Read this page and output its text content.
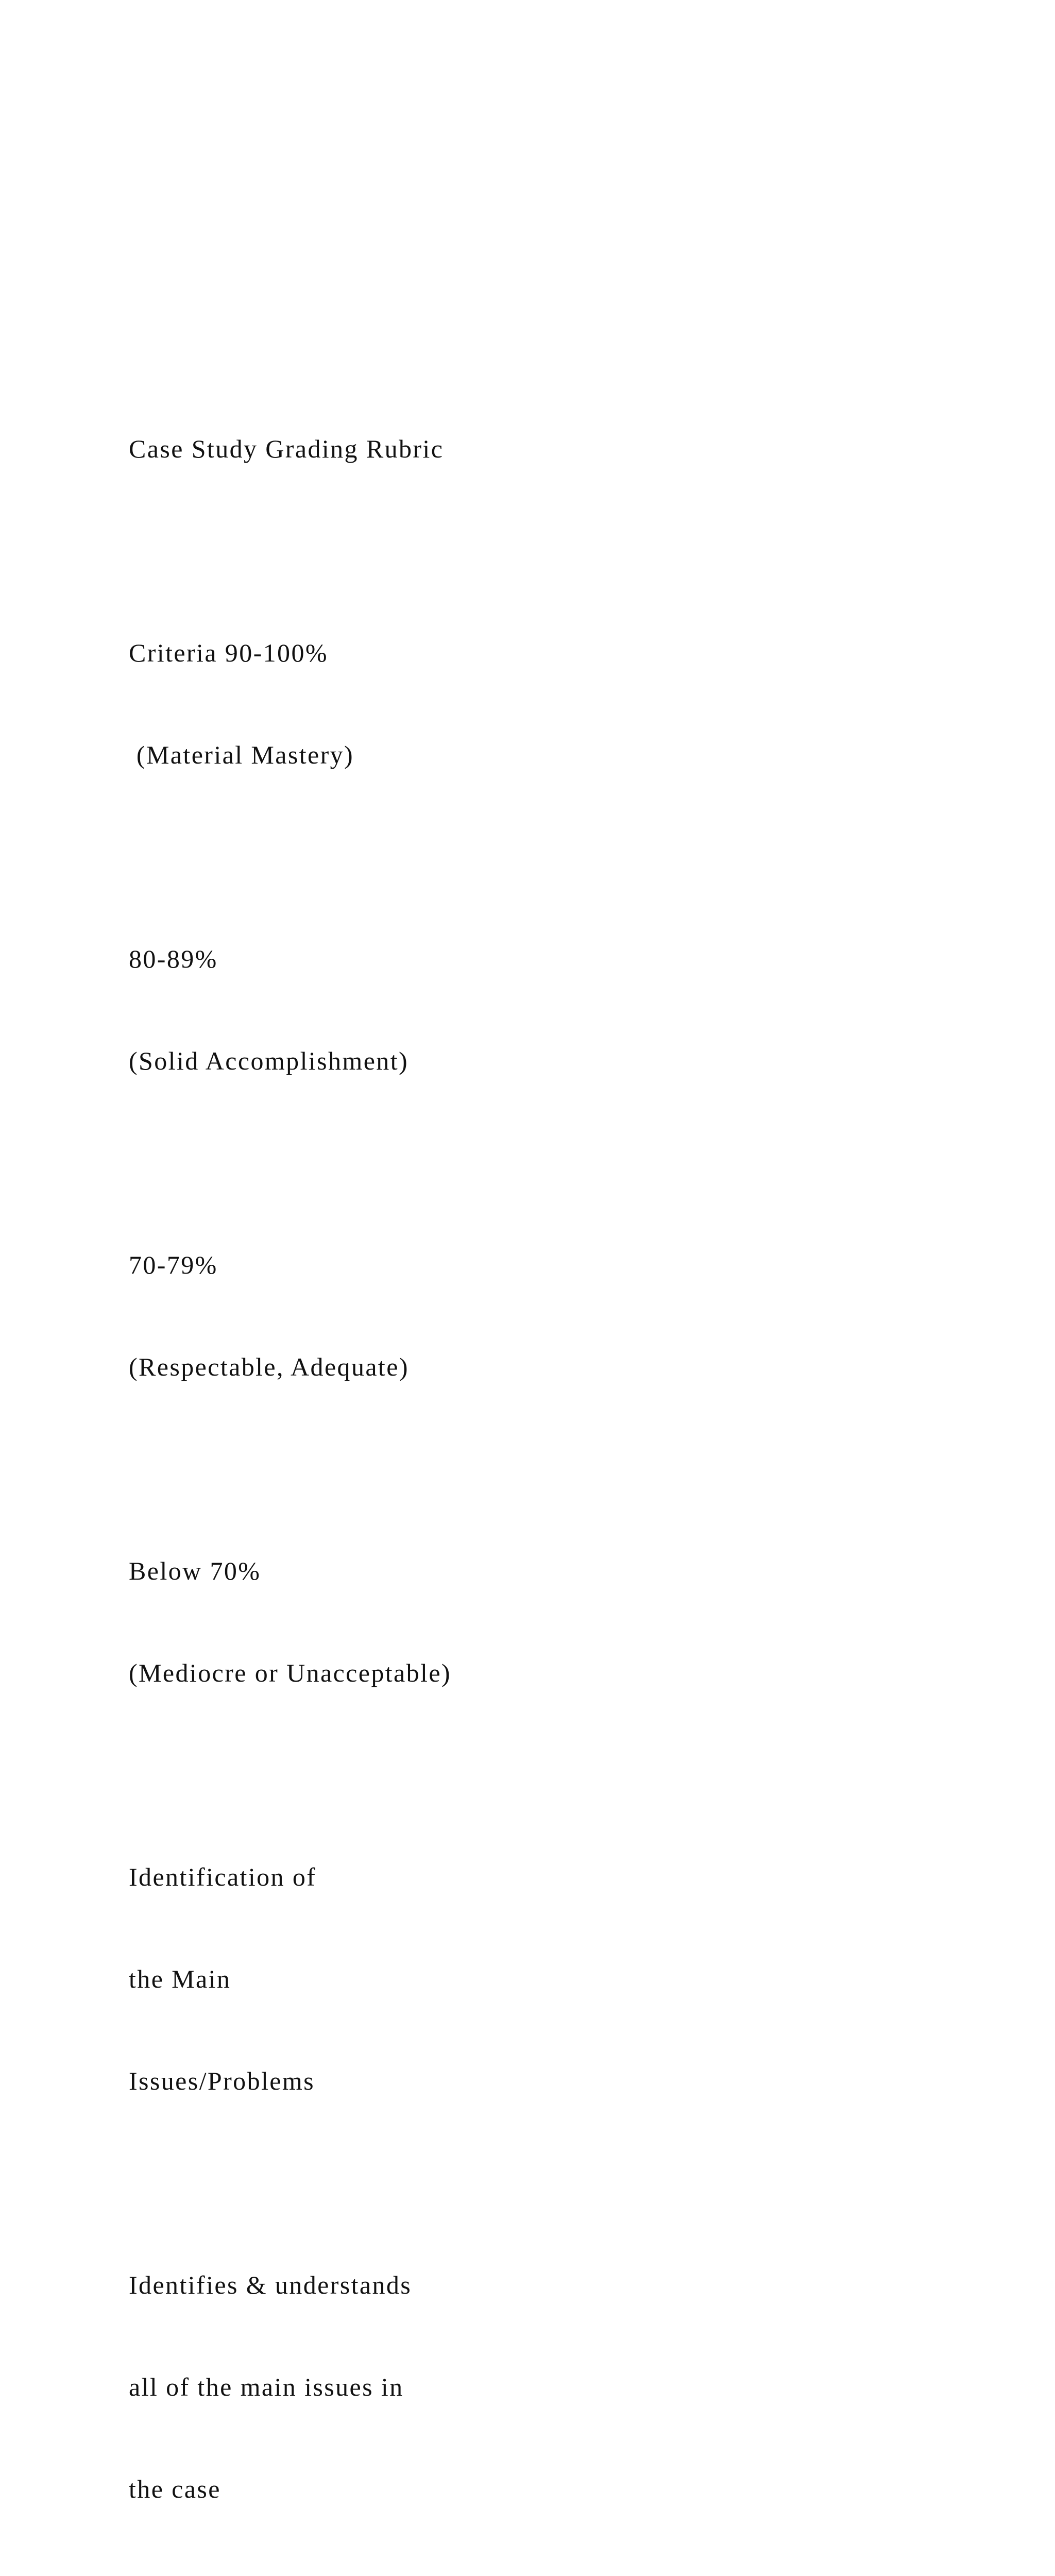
Case Study Grading Rubric

Criteria 90-100%

(Material Mastery)

80-89%

(Solid Accomplishment)

70-79%

(Respectable, Adequate)

Below 70%

(Mediocre or Unacceptable)

Identification of

the Main

Issues/Problems

Identifies & understands

all of the main issues in

the case
